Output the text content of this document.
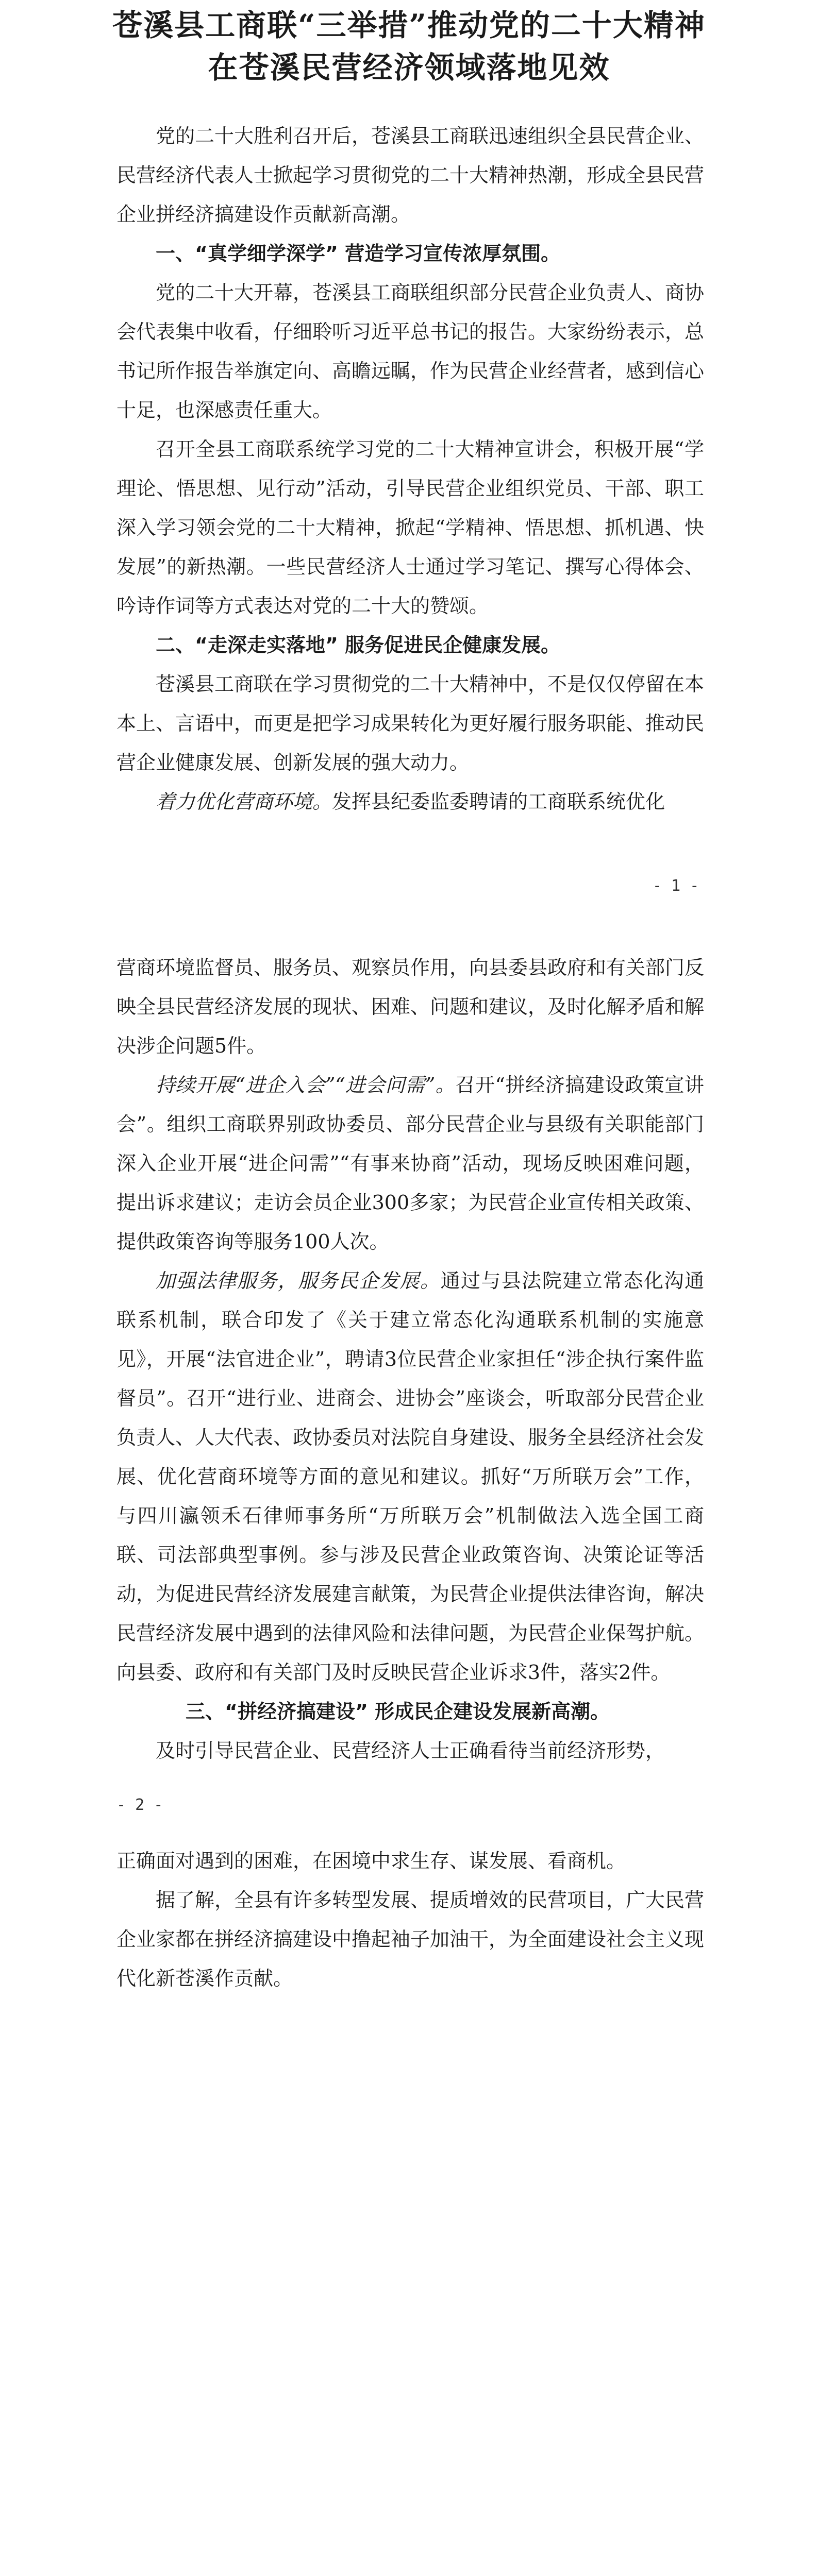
苍溪县工商联“三举措”推动党的二十大精神
在苍溪民营经济领域落地见效

党的二十大胜利召开后，苍溪县工商联迅速组织全县民营企业、民营经济代表人士掀起学习贯彻党的二十大精神热潮，形成全县民营企业拼经济搞建设作贡献新高潮。

一、“真学细学深学” 营造学习宣传浓厚氛围。

党的二十大开幕，苍溪县工商联组织部分民营企业负责人、商协会代表集中收看，仔细聆听习近平总书记的报告。大家纷纷表示，总书记所作报告举旗定向、高瞻远瞩，作为民营企业经营者，感到信心十足，也深感责任重大。

召开全县工商联系统学习党的二十大精神宣讲会，积极开展“学理论、悟思想、见行动”活动，引导民营企业组织党员、干部、职工深入学习领会党的二十大精神，掀起“学精神、悟思想、抓机遇、快发展”的新热潮。一些民营经济人士通过学习笔记、撰写心得体会、吟诗作词等方式表达对党的二十大的赞颂。

二、“走深走实落地” 服务促进民企健康发展。

苍溪县工商联在学习贯彻党的二十大精神中，不是仅仅停留在本本上、言语中，而更是把学习成果转化为更好履行服务职能、推动民营企业健康发展、创新发展的强大动力。

着力优化营商环境。发挥县纪委监委聘请的工商联系统优化

- 1 -

营商环境监督员、服务员、观察员作用，向县委县政府和有关部门反映全县民营经济发展的现状、困难、问题和建议，及时化解矛盾和解决涉企问题5件。

持续开展“进企入会”“进会问需”。召开“拼经济搞建设政策宣讲会”。组织工商联界别政协委员、部分民营企业与县级有关职能部门深入企业开展“进企问需”“有事来协商”活动，现场反映困难问题，提出诉求建议；走访会员企业300多家；为民营企业宣传相关政策、提供政策咨询等服务100人次。

加强法律服务，服务民企发展。通过与县法院建立常态化沟通联系机制，联合印发了《关于建立常态化沟通联系机制的实施意见》，开展“法官进企业”，聘请3位民营企业家担任“涉企执行案件监督员”。召开“进行业、进商会、进协会”座谈会，听取部分民营企业负责人、人大代表、政协委员对法院自身建设、服务全县经济社会发展、优化营商环境等方面的意见和建议。抓好“万所联万会”工作，与四川瀛领禾石律师事务所“万所联万会”机制做法入选全国工商联、司法部典型事例。参与涉及民营企业政策咨询、决策论证等活动，为促进民营经济发展建言献策，为民营企业提供法律咨询，解决民营经济发展中遇到的法律风险和法律问题，为民营企业保驾护航。向县委、政府和有关部门及时反映民营企业诉求3件，落实2件。

三、“拼经济搞建设” 形成民企建设发展新高潮。

及时引导民营企业、民营经济人士正确看待当前经济形势，

- 2 -

正确面对遇到的困难，在困境中求生存、谋发展、看商机。

据了解，全县有许多转型发展、提质增效的民营项目，广大民营企业家都在拼经济搞建设中撸起袖子加油干，为全面建设社会主义现代化新苍溪作贡献。
